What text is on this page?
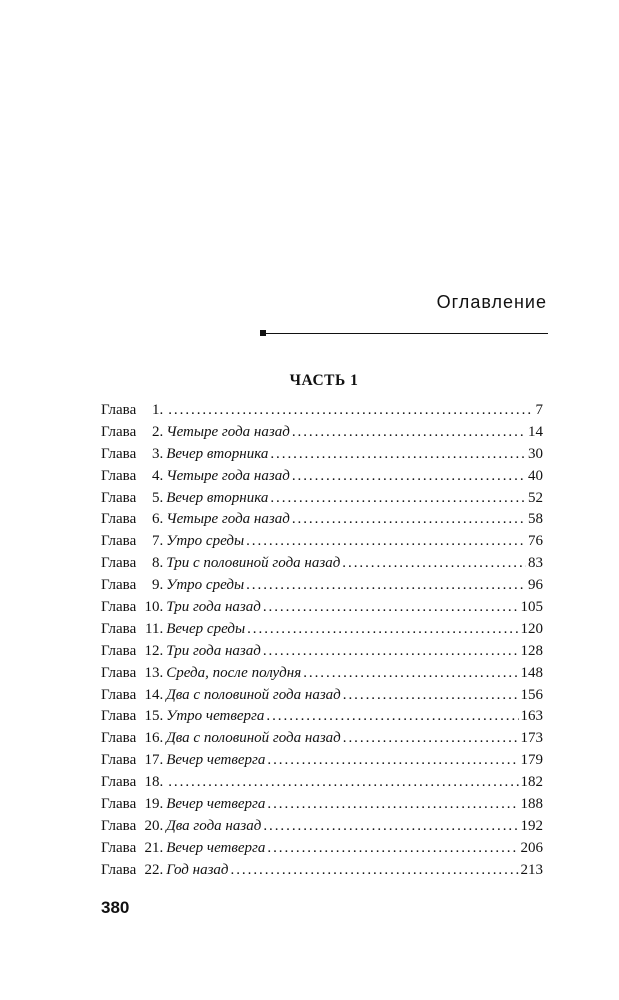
Оглавление
ЧАСТЬ 1
Глава	1. . . .	7
Глава	2. Четыре года назад . . .	14
Глава	3. Вечер вторника . . .	30
Глава	4. Четыре года назад . . .	40
Глава	5. Вечер вторника . . .	52
Глава	6. Четыре года назад . . .	58
Глава	7. Утро среды . . .	76
Глава	8. Три с половиной года назад . . .	83
Глава	9. Утро среды . . .	96
Глава 10. Три года назад . . .	105
Глава 11. Вечер среды . . .	120
Глава 12. Три года назад . . .	128
Глава 13. Среда, после полудня . . .	148
Глава 14. Два с половиной года назад . . .	156
Глава 15. Утро четверга . . .	163
Глава 16. Два с половиной года назад . . .	173
Глава 17. Вечер четверга . . .	179
Глава 18. . . .	182
Глава 19. Вечер четверга . . .	188
Глава 20. Два года назад . . .	192
Глава 21. Вечер четверга . . .	206
Глава 22. Год назад . . .	213
380
